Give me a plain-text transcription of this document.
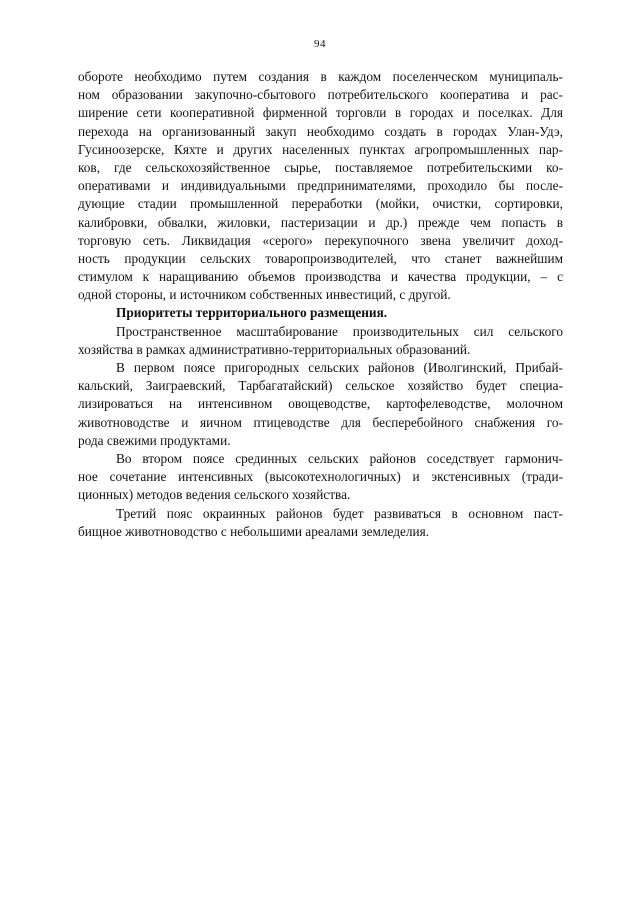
94
обороте необходимо путем создания в каждом поселенческом муниципаль-
ном образовании закупочно-сбытового потребительского кооператива и рас-
ширение сети кооперативной фирменной торговли в городах и поселках. Для
перехода на организованный закуп необходимо создать в городах Улан-Удэ,
Гусиноозерске, Кяхте и других населенных пунктах агропромышленных пар-
ков, где сельскохозяйственное сырье, поставляемое потребительскими ко-
оперативами и индивидуальными предпринимателями, проходило бы после-
дующие стадии промышленной переработки (мойки, очистки, сортировки,
калибровки, обвалки, жиловки, пастеризации и др.) прежде чем попасть в
торговую сеть. Ликвидация «серого» перекупочного звена увеличит доход-
ность продукции сельских товаропроизводителей, что станет важнейшим
стимулом к наращиванию объемов производства и качества продукции, – с
одной стороны, и источником собственных инвестиций, с другой.
Приоритеты территориального размещения.
Пространственное масштабирование производительных сил сельского
хозяйства в рамках административно-территориальных образований.
В первом поясе пригородных сельских районов (Иволгинский, Прибай-
кальский, Заиграевский, Тарбагатайский) сельское хозяйство будет специа-
лизироваться на интенсивном овощеводстве, картофелеводстве, молочном
животноводстве и яичном птицеводстве для бесперебойного снабжения го-
рода свежими продуктами.
Во втором поясе срединных сельских районов соседствует гармонич-
ное сочетание интенсивных (высокотехнологичных) и экстенсивных (тради-
ционных) методов ведения сельского хозяйства.
Третий пояс окраинных районов будет развиваться в основном паст-
бищное животноводство с небольшими ареалами земледелия.
